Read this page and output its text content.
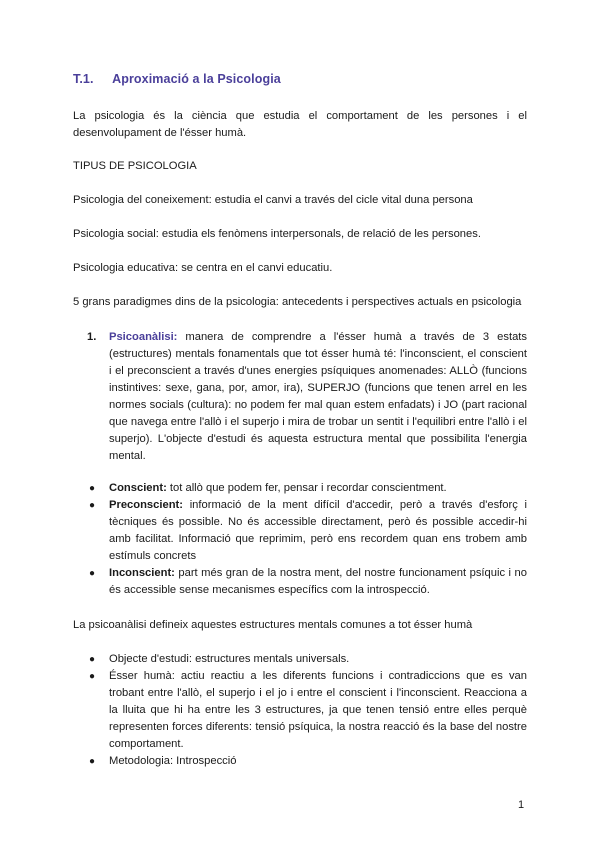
T.1. Aproximació a la Psicologia

La psicologia és la ciència que estudia el comportament de les persones i el desenvolupament de l'ésser humà.

TIPUS DE PSICOLOGIA

Psicologia del coneixement: estudia el canvi a través del cicle vital duna persona

Psicologia social: estudia els fenòmens interpersonals, de relació de les persones.

Psicologia educativa: se centra en el canvi educatiu.

5 grans paradigmes dins de la psicologia: antecedents i perspectives actuals en psicologia

1. Psicoanàlisi: manera de comprendre a l'ésser humà a través de 3 estats (estructures) mentals fonamentals que tot ésser humà té: l'inconscient, el conscient i el preconscient a través d'unes energies psíquiques anomenades: ALLÒ (funcions instintives: sexe, gana, por, amor, ira), SUPERJO (funcions que tenen arrel en les normes socials (cultura): no podem fer mal quan estem enfadats) i JO (part racional que navega entre l'allò i el superjo i mira de trobar un sentit i l'equilibri entre l'allò i el superjo). L'objecte d'estudi és aquesta estructura mental que possibilita l'energia mental.
● Conscient: tot allò que podem fer, pensar i recordar conscientment.
● Preconscient: informació de la ment difícil d'accedir, però a través d'esforç i tècniques és possible. No és accessible directament, però és possible accedir-hi amb facilitat. Informació que reprimim, però ens recordem quan ens trobem amb estímuls concrets
● Inconscient: part més gran de la nostra ment, del nostre funcionament psíquic i no és accessible sense mecanismes específics com la introspecció.

La psicoanàlisi defineix aquestes estructures mentals comunes a tot ésser humà

● Objecte d'estudi: estructures mentals universals.
● Ésser humà: actiu reactiu a les diferents funcions i contradiccions que es van trobant entre l'allò, el superjo i el jo i entre el conscient i l'inconscient. Reacciona a la lluita que hi ha entre les 3 estructures, ja que tenen tensió entre elles perquè representen forces diferents: tensió psíquica, la nostra reacció és la base del nostre comportament.
● Metodologia: Introspecció
1
